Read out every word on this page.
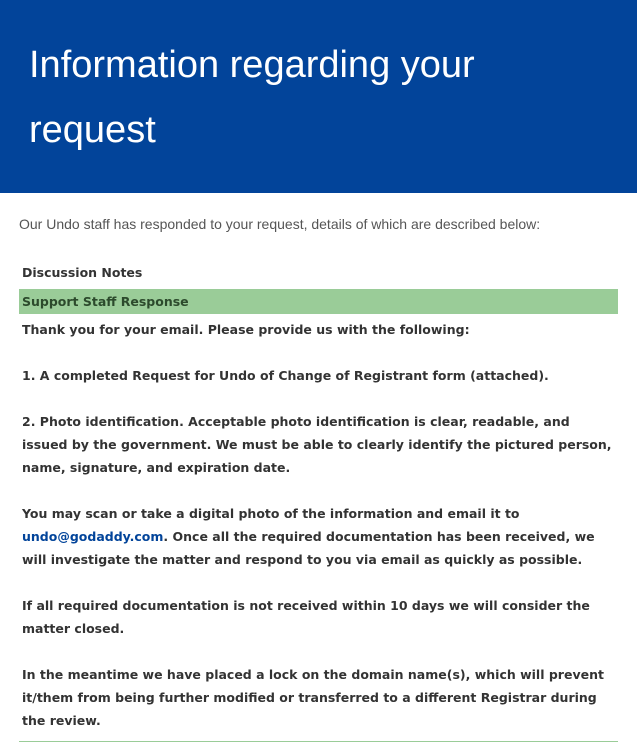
Information regarding your request
Our Undo staff has responded to your request, details of which are described below:
Discussion Notes
Support Staff Response

Thank you for your email. Please provide us with the following:

1. A completed Request for Undo of Change of Registrant form (attached).

2. Photo identification. Acceptable photo identification is clear, readable, and issued by the government. We must be able to clearly identify the pictured person, name, signature, and expiration date.

You may scan or take a digital photo of the information and email it to undo@godaddy.com. Once all the required documentation has been received, we will investigate the matter and respond to you via email as quickly as possible.

If all required documentation is not received within 10 days we will consider the matter closed.

In the meantime we have placed a lock on the domain name(s), which will prevent it/them from being further modified or transferred to a different Registrar during the review.
